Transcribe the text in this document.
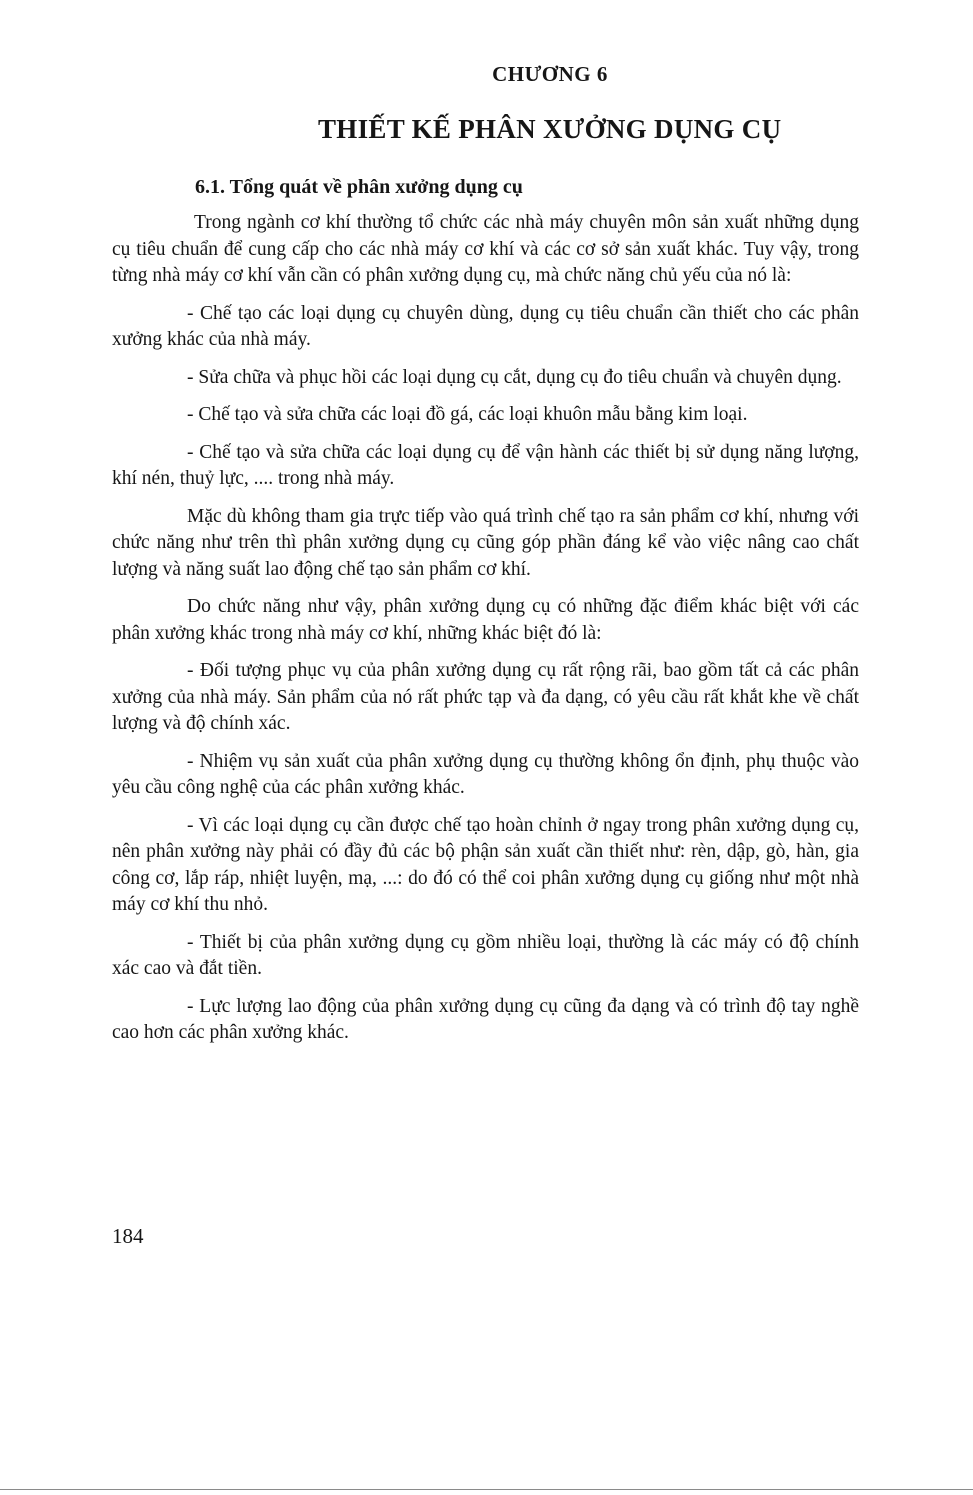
CHƯƠNG 6
THIẾT KẾ PHÂN XƯỞNG DỤNG CỤ
6.1. Tổng quát về phân xưởng dụng cụ

Trong ngành cơ khí thường tổ chức các nhà máy chuyên môn sản xuất những dụng cụ tiêu chuẩn để cung cấp cho các nhà máy cơ khí và các cơ sở sản xuất khác. Tuy vậy, trong từng nhà máy cơ khí vẫn cần có phân xưởng dụng cụ, mà chức năng chủ yếu của nó là:

- Chế tạo các loại dụng cụ chuyên dùng, dụng cụ tiêu chuẩn cần thiết cho các phân xưởng khác của nhà máy.

- Sửa chữa và phục hồi các loại dụng cụ cắt, dụng cụ đo tiêu chuẩn và chuyên dụng.

- Chế tạo và sửa chữa các loại đồ gá, các loại khuôn mẫu bằng kim loại.

- Chế tạo và sửa chữa các loại dụng cụ để vận hành các thiết bị sử dụng năng lượng, khí nén, thuỷ lực, .... trong nhà máy.

Mặc dù không tham gia trực tiếp vào quá trình chế tạo ra sản phẩm cơ khí, nhưng với chức năng như trên thì phân xưởng dụng cụ cũng góp phần đáng kể vào việc nâng cao chất lượng và năng suất lao động chế tạo sản phẩm cơ khí.

Do chức năng như vậy, phân xưởng dụng cụ có những đặc điểm khác biệt với các phân xưởng khác trong nhà máy cơ khí, những khác biệt đó là:

- Đối tượng phục vụ của phân xưởng dụng cụ rất rộng rãi, bao gồm tất cả các phân xưởng của nhà máy. Sản phẩm của nó rất phức tạp và đa dạng, có yêu cầu rất khắt khe về chất lượng và độ chính xác.

- Nhiệm vụ sản xuất của phân xưởng dụng cụ thường không ổn định, phụ thuộc vào yêu cầu công nghệ của các phân xưởng khác.

- Vì các loại dụng cụ cần được chế tạo hoàn chỉnh ở ngay trong phân xưởng dụng cụ, nên phân xưởng này phải có đầy đủ các bộ phận sản xuất cần thiết như: rèn, dập, gò, hàn, gia công cơ, lắp ráp, nhiệt luyện, mạ, ...: do đó có thể coi phân xưởng dụng cụ giống như một nhà máy cơ khí thu nhỏ.

- Thiết bị của phân xưởng dụng cụ gồm nhiều loại, thường là các máy có độ chính xác cao và đắt tiền.

- Lực lượng lao động của phân xưởng dụng cụ cũng đa dạng và có trình độ tay nghề cao hơn các phân xưởng khác.

184
